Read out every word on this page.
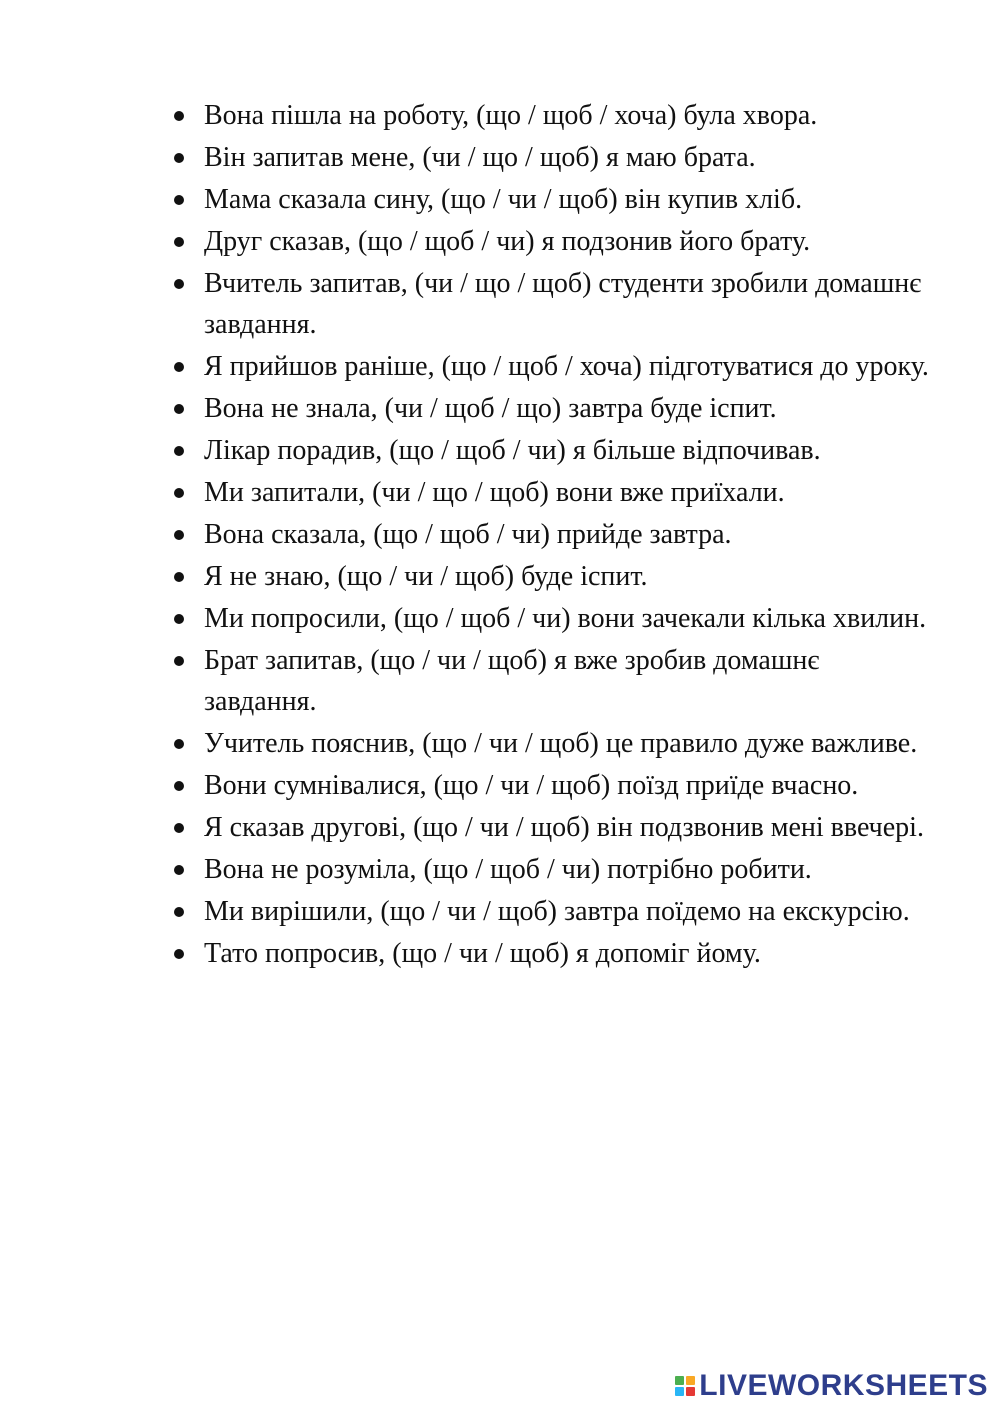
Вона пішла на роботу, (що / щоб / хоча) була хвора.
Він запитав мене, (чи / що / щоб) я маю брата.
Мама сказала сину, (що / чи / щоб) він купив хліб.
Друг сказав, (що / щоб / чи) я подзонив його брату.
Вчитель запитав, (чи / що / щоб) студенти зробили домашнє завдання.
Я прийшов раніше, (що / щоб / хоча) підготуватися до уроку.
Вона не знала, (чи / щоб / що) завтра буде іспит.
Лікар порадив, (що / щоб / чи) я більше відпочивав.
Ми запитали, (чи / що / щоб) вони вже приїхали.
Вона сказала, (що / щоб / чи) прийде завтра.
Я не знаю, (що / чи / щоб) буде іспит.
Ми попросили, (що / щоб / чи) вони зачекали кілька хвилин.
Брат запитав, (що / чи / щоб) я вже зробив домашнє завдання.
Учитель пояснив, (що / чи / щоб) це правило дуже важливе.
Вони сумнівалися, (що / чи / щоб) поїзд приїде вчасно.
Я сказав другові, (що / чи / щоб) він подзвонив мені ввечері.
Вона не розуміла, (що / щоб / чи) потрібно робити.
Ми вирішили, (що / чи / щоб) завтра поїдемо на екскурсію.
Тато попросив, (що / чи / щоб) я допоміг йому.
LIVEWORKSHEETS
